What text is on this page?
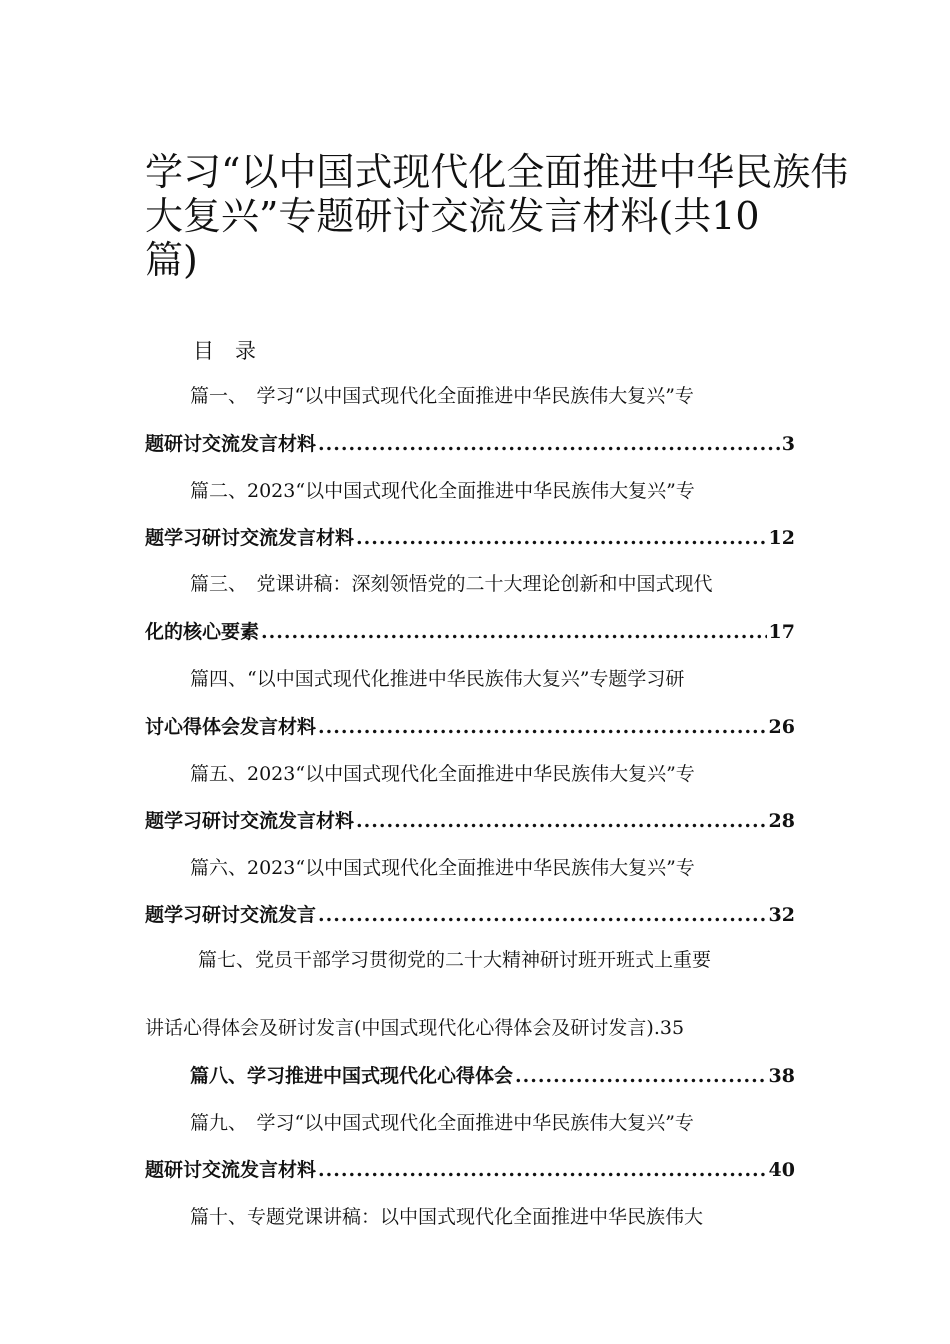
学习“以中国式现代化全面推进中华民族伟
大复兴”专题研讨交流发言材料(共10
篇)
目　录
篇一、　学习“以中国式现代化全面推进中华民族伟大复兴”专
题研讨交流发言材料 .....	3
篇二、2023“以中国式现代化全面推进中华民族伟大复兴”专
题学习研讨交流发言材料 .....	12
篇三、　党课讲稿：深刻领悟党的二十大理论创新和中国式现代
化的核心要素 .....	17
篇四、“以中国式现代化推进中华民族伟大复兴”专题学习研
讨心得体会发言材料 .....	26
篇五、2023“以中国式现代化全面推进中华民族伟大复兴”专
题学习研讨交流发言材料 .....	28
篇六、2023“以中国式现代化全面推进中华民族伟大复兴”专
题学习研讨交流发言 .....	32
篇七、党员干部学习贯彻党的二十大精神研讨班开班式上重要
讲话心得体会及研讨发言(中国式现代化心得体会及研讨发言).35
篇八、学习推进中国式现代化心得体会 .....	38
篇九、　学习“以中国式现代化全面推进中华民族伟大复兴”专
题研讨交流发言材料 .....	40
篇十、专题党课讲稿：以中国式现代化全面推进中华民族伟大
